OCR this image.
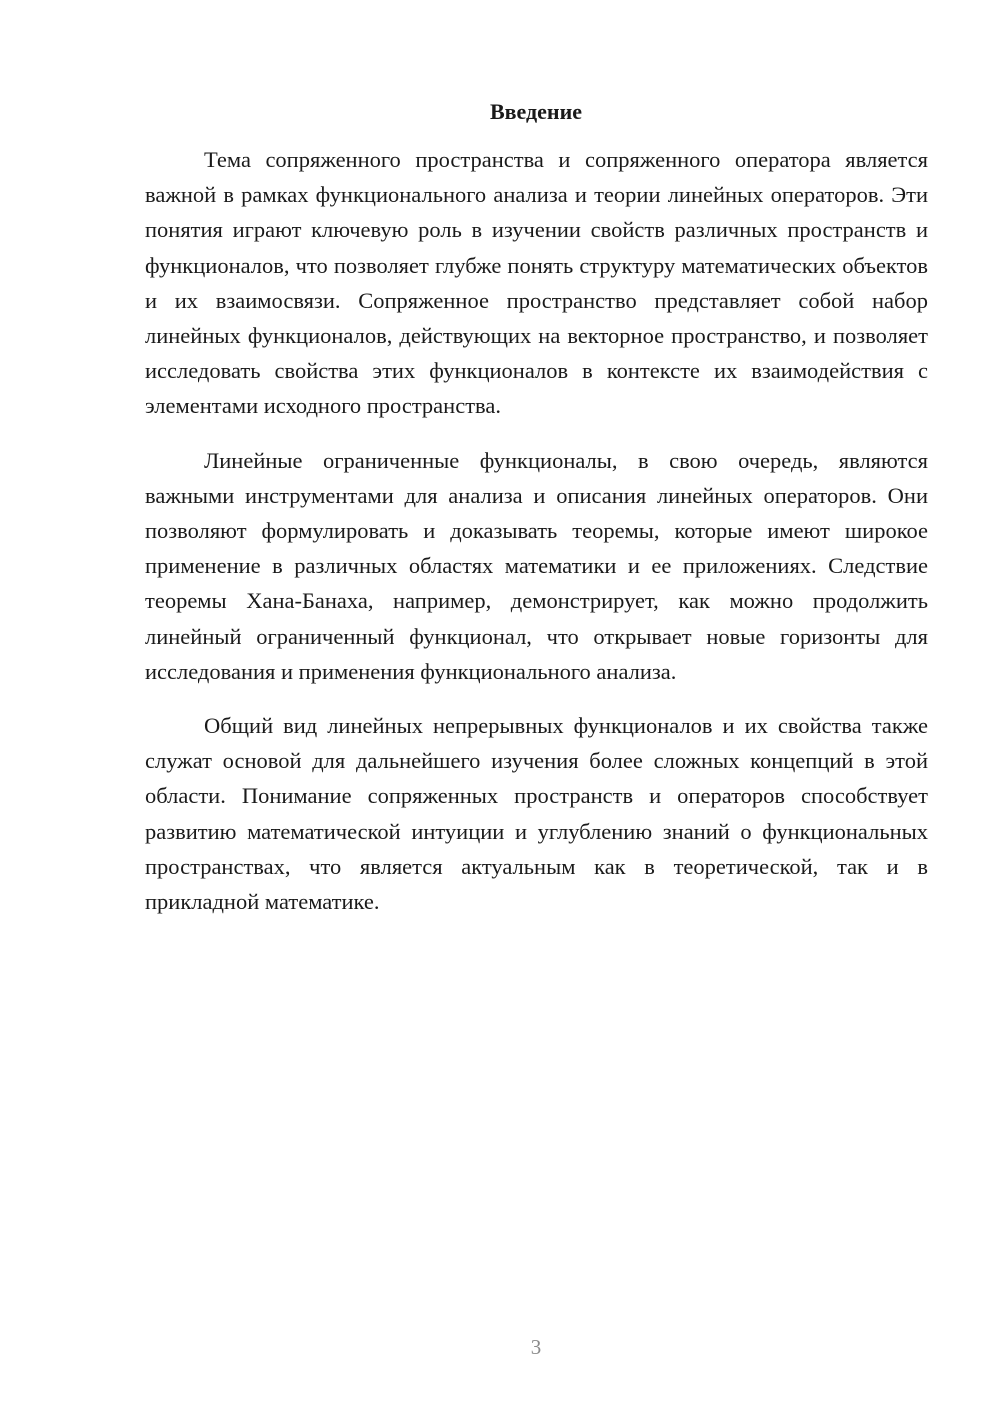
Введение

Тема сопряженного пространства и сопряженного оператора является важной в рамках функционального анализа и теории линейных операторов. Эти понятия играют ключевую роль в изучении свойств различных пространств и функционалов, что позволяет глубже понять структуру математических объектов и их взаимосвязи. Сопряженное пространство представляет собой набор линейных функционалов, действующих на векторное пространство, и позволяет исследовать свойства этих функционалов в контексте их взаимодействия с элементами исходного пространства.

Линейные ограниченные функционалы, в свою очередь, являются важными инструментами для анализа и описания линейных операторов. Они позволяют формулировать и доказывать теоремы, которые имеют широкое применение в различных областях математики и ее приложениях. Следствие теоремы Хана-Банаха, например, демонстрирует, как можно продолжить линейный ограниченный функционал, что открывает новые горизонты для исследования и применения функционального анализа.

Общий вид линейных непрерывных функционалов и их свойства также служат основой для дальнейшего изучения более сложных концепций в этой области. Понимание сопряженных пространств и операторов способствует развитию математической интуиции и углублению знаний о функциональных пространствах, что является актуальным как в теоретической, так и в прикладной математике.

3
